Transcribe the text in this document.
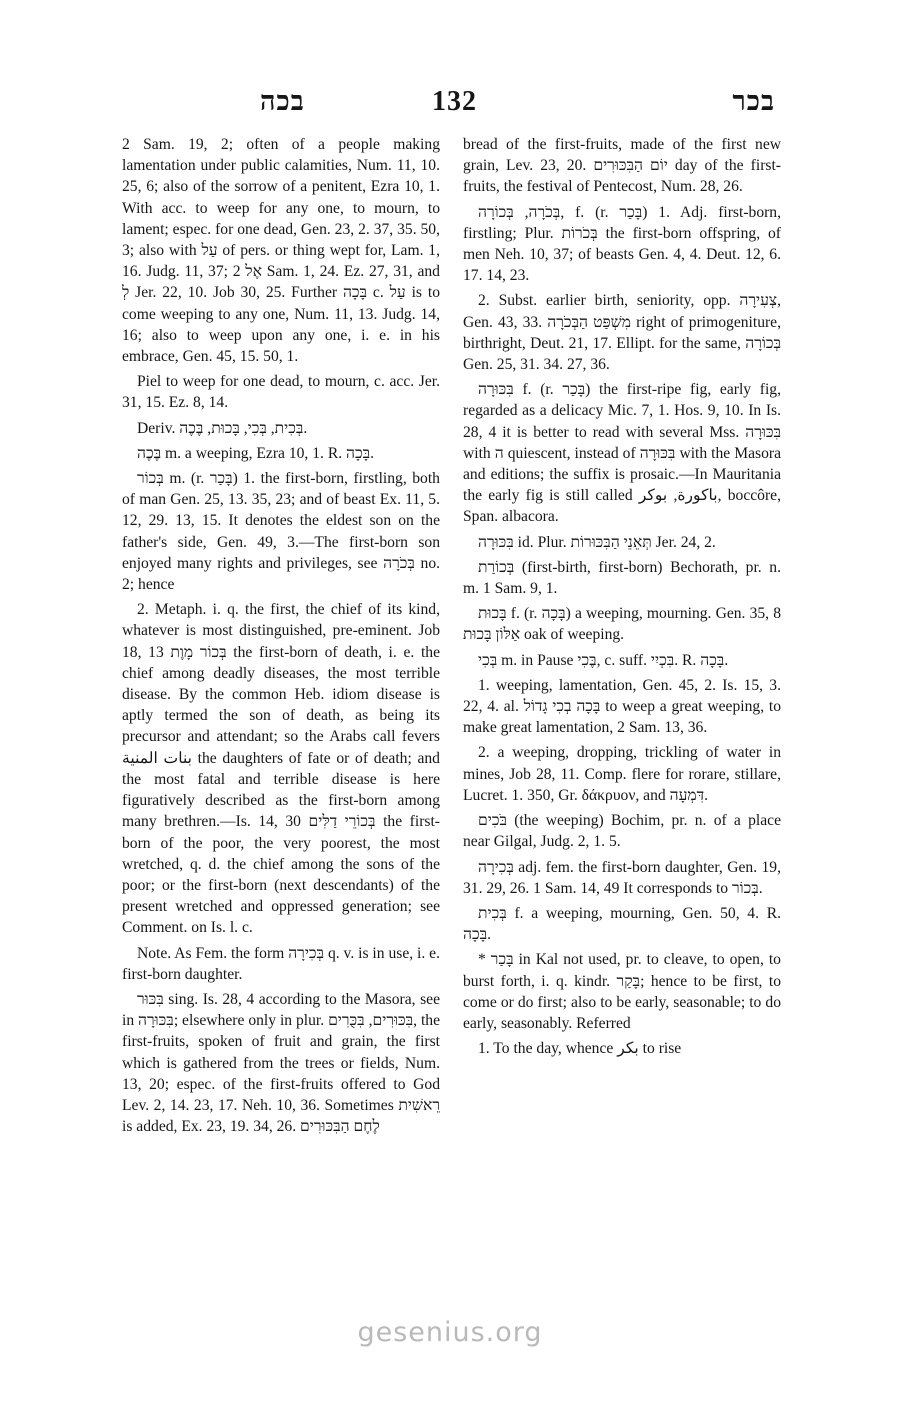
בכה	132	בכר

2 Sam. 19, 2; often of a people making lamentation under public calamities, Num. 11, 10. 25, 6; also of the sorrow of a penitent, Ezra 10, 1. With acc. to weep for any one, to mourn, to lament; espec. for one dead, Gen. 23, 2. 37, 35. 50, 3; also with עַל of pers. or thing wept for, Lam. 1, 16. Judg. 11, 37; אֶל 2 Sam. 1, 24. Ez. 27, 31, and לְ Jer. 22, 10. Job 30, 25. Further בָּכָה c. עַל is to come weeping to any one, Num. 11, 13. Judg. 14, 16; also to weep upon any one, i. e. in his embrace, Gen. 45, 15. 50, 1.

Piel to weep for one dead, to mourn, c. acc. Jer. 31, 15. Ez. 8, 14.

Deriv. בְּכִית, בְּכִי, בָּכוּת, בֶּכֶה.

בֶּכֶה m. a weeping, Ezra 10, 1. R. בָּכָה.

בְּכוֹר m. (r. בָּכַר) 1. the first-born, firstling, both of man Gen. 25, 13. 35, 23; and of beast Ex. 11, 5. 12, 29. 13, 15. It denotes the eldest son on the father's side, Gen. 49, 3.—The first-born son enjoyed many rights and privileges, see בְּכֹרָה no. 2; hence

2. Metaph. i. q. the first, the chief of its kind, whatever is most distinguished, pre-eminent. Job 18, 13 בְּכוֹר מָוֶת the first-born of death, i. e. the chief among deadly diseases, the most terrible disease. By the common Heb. idiom disease is aptly termed the son of death, as being its precursor and attendant; so the Arabs call fevers بنات المنية the daughters of fate or of death; and the most fatal and terrible disease is here figuratively described as the first-born among many brethren.—Is. 14, 30 בְּכוֹרֵי דַלִּים the first-born of the poor, the very poorest, the most wretched, q. d. the chief among the sons of the poor; or the first-born (next descendants) of the present wretched and oppressed generation; see Comment. on Is. l. c.

Note. As Fem. the form בְּכִירָה q. v. is in use, i. e. first-born daughter.

בִּכּוּר sing. Is. 28, 4 according to the Masora, see in בִּכּוּרָה; elsewhere only in plur. בִּכּוּרִים, בִּכֻּרִים, the first-fruits, spoken of fruit and grain, the first which is gathered from the trees or fields, Num. 13, 20; espec. of the first-fruits offered to God Lev. 2, 14. 23, 17. Neh. 10, 36. Sometimes רֵאשִׁית is added, Ex. 23, 19. 34, 26. לֶחֶם הַבִּכּוּרִים

bread of the first-fruits, made of the first new grain, Lev. 23, 20. יוֹם הַבִּכּוּרִים day of the first-fruits, the festival of Pentecost, Num. 28, 26.

בְּכֹרָה, בְּכוֹרָה, f. (r. בָּכַר) 1. Adj. first-born, firstling; Plur. בְּכֹרוֹת the first-born offspring, of men Neh. 10, 37; of beasts Gen. 4, 4. Deut. 12, 6. 17. 14, 23.

2. Subst. earlier birth, seniority, opp. צְעִירָה, Gen. 43, 33. מִשְׁפַּט הַבְּכֹרָה right of primogeniture, birthright, Deut. 21, 17. Ellipt. for the same, בְּכוֹרָה Gen. 25, 31. 34. 27, 36.

בִּכּוּרָה f. (r. בָּכַר) the first-ripe fig, early fig, regarded as a delicacy Mic. 7, 1. Hos. 9, 10. In Is. 28, 4 it is better to read with several Mss. בִּכּוּרָה with ה quiescent, instead of בִּכּוּרָה with the Masora and editions; the suffix is prosaic.—In Mauritania the early fig is still called باكورة, بوكر, boccôre, Span. albacora.

בִּכּוּרָה id. Plur. תְּאֵנֵי הַבִּכּוּרוֹת Jer. 24, 2.

בְּכוֹרַת (first-birth, first-born) Bechorath, pr. n. m. 1 Sam. 9, 1.

בָּכוּת f. (r. בָּכָה) a weeping, mourning. Gen. 35, 8 אַלּוֹן בָּכוּת oak of weeping.

בְּכִי m. in Pause בֶּכִי, c. suff. בִּכְיִי. R. בָּכָה.

1. weeping, lamentation, Gen. 45, 2. Is. 15, 3. 22, 4. al. בָּכָה בְכִי גָדוֹל to weep a great weeping, to make great lamentation, 2 Sam. 13, 36.

2. a weeping, dropping, trickling of water in mines, Job 28, 11. Comp. flere for rorare, stillare, Lucret. 1. 350, Gr. δάκρυον, and דִּמְעָה.

בֹּכִים (the weeping) Bochim, pr. n. of a place near Gilgal, Judg. 2, 1. 5.

בְּכִירָה adj. fem. the first-born daughter, Gen. 19, 31. 29, 26. 1 Sam. 14, 49 It corresponds to בְּכוֹר.

בְּכִית f. a weeping, mourning, Gen. 50, 4. R. בָּכָה.

* בָּכַר in Kal not used, pr. to cleave, to open, to burst forth, i. q. kindr. בָּקַר; hence to be first, to come or do first; also to be early, seasonable; to do early, seasonably. Referred

1. To the day, whence بكر to rise

gesenius.org
